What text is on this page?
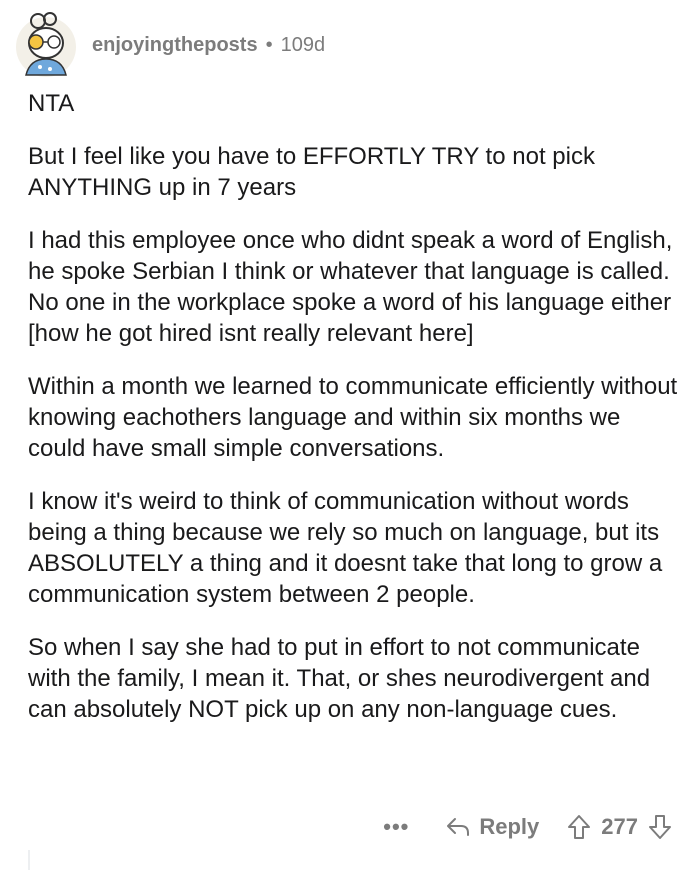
enjoyingtheposts • 109d

NTA

But I feel like you have to EFFORTLY TRY to not pick ANYTHING up in 7 years

I had this employee once who didnt speak a word of English, he spoke Serbian I think or whatever that language is called. No one in the workplace spoke a word of his language either [how he got hired isnt really relevant here]

Within a month we learned to communicate efficiently without knowing eachothers language and within six months we could have small simple conversations.

I know it's weird to think of communication without words being a thing because we rely so much on language, but its ABSOLUTELY a thing and it doesnt take that long to grow a communication system between 2 people.

So when I say she had to put in effort to not communicate with the family, I mean it. That, or shes neurodivergent and can absolutely NOT pick up on any non-language cues.

•••	Reply	277
